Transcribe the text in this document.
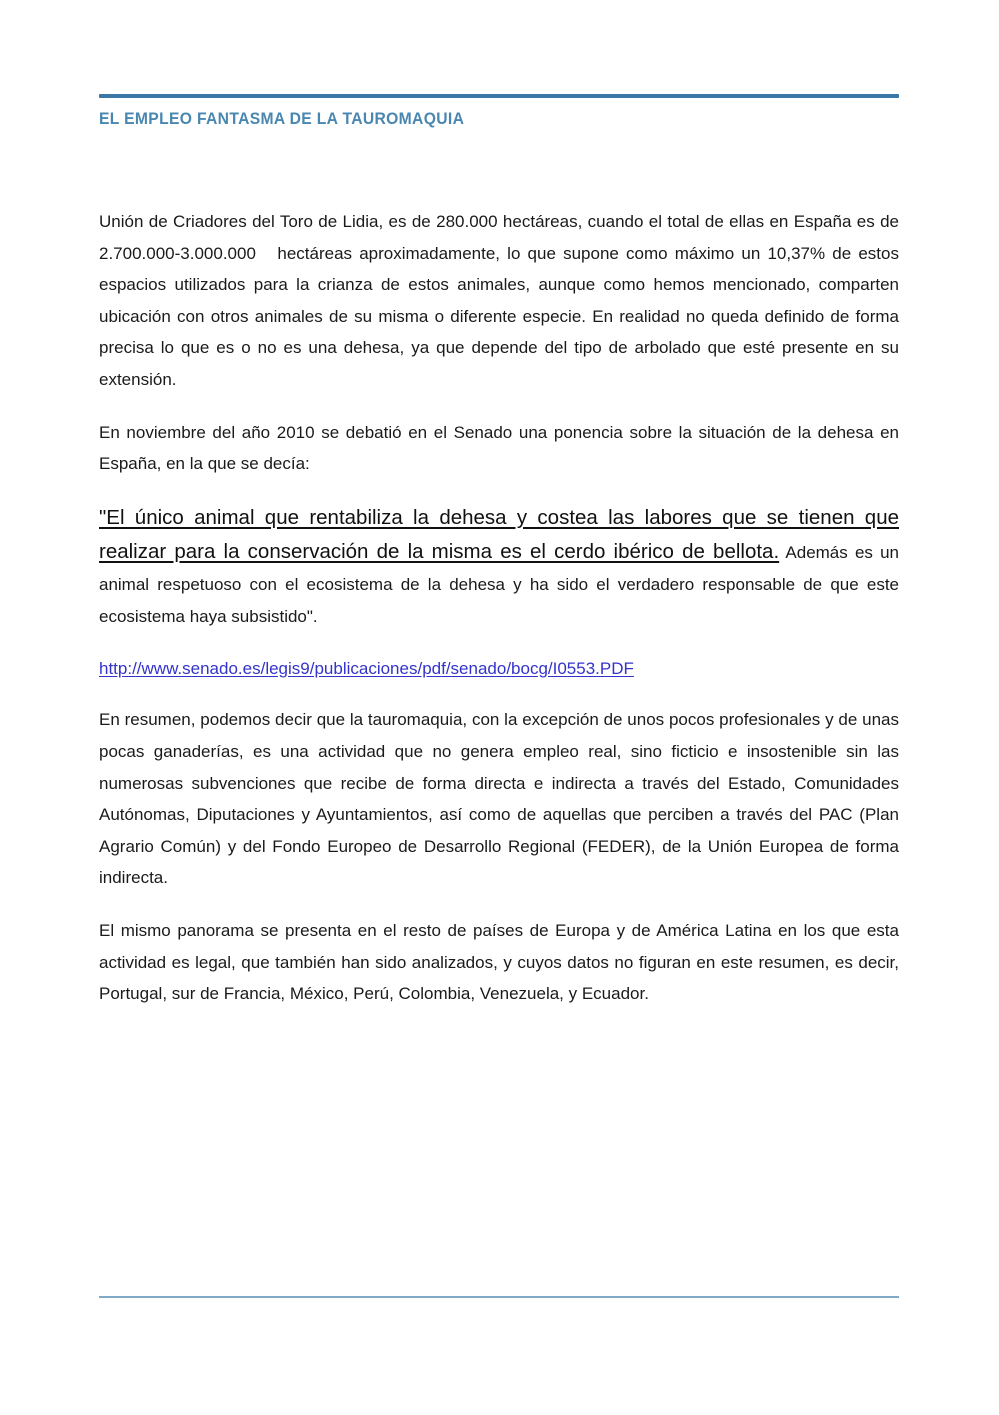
EL EMPLEO FANTASMA DE LA TAUROMAQUIA

Unión de Criadores del Toro de Lidia, es de 280.000 hectáreas, cuando el total de ellas en España es de 2.700.000-3.000.000   hectáreas aproximadamente, lo que supone como máximo un 10,37% de estos espacios utilizados para la crianza de estos animales, aunque como hemos mencionado, comparten ubicación con otros animales de su misma o diferente especie. En realidad no queda definido de forma precisa lo que es o no es una dehesa, ya que depende del tipo de arbolado que esté presente en su extensión.

En noviembre del año 2010 se debatió en el Senado una ponencia sobre la situación de la dehesa en España, en la que se decía:

"El único animal que rentabiliza la dehesa y costea las labores que se tienen que realizar para la conservación de la misma es el cerdo ibérico de bellota. Además es un animal respetuoso con el ecosistema de la dehesa y ha sido el verdadero responsable de que este ecosistema haya subsistido".

http://www.senado.es/legis9/publicaciones/pdf/senado/bocg/I0553.PDF

En resumen, podemos decir que la tauromaquia, con la excepción de unos pocos profesionales y de unas pocas ganaderías, es una actividad que no genera empleo real, sino ficticio e insostenible sin las numerosas subvenciones que recibe de forma directa e indirecta a través del Estado, Comunidades Autónomas, Diputaciones y Ayuntamientos, así como de aquellas que perciben a través del PAC (Plan Agrario Común) y del Fondo Europeo de Desarrollo Regional (FEDER), de la Unión Europea de forma indirecta.

El mismo panorama se presenta en el resto de países de Europa y de América Latina en los que esta actividad es legal, que también han sido analizados, y cuyos datos no figuran en este resumen, es decir, Portugal, sur de Francia, México, Perú, Colombia, Venezuela, y Ecuador.
